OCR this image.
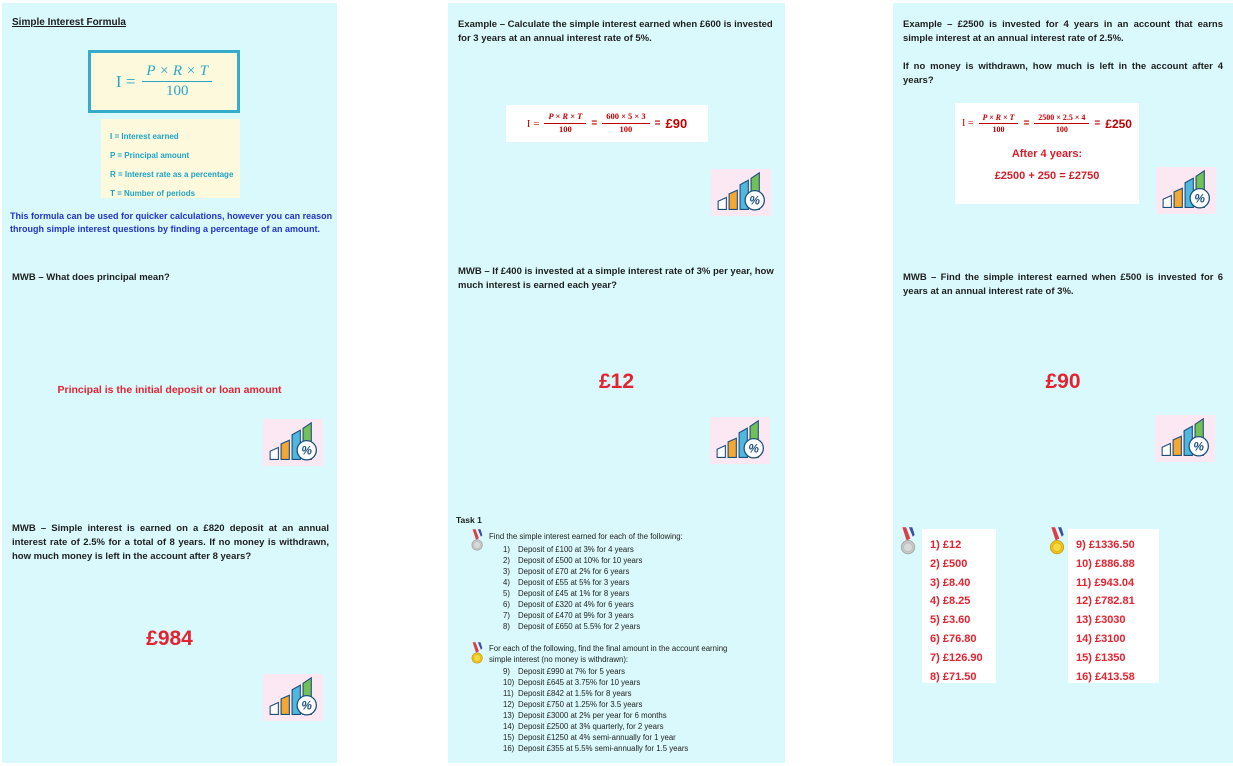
Simple Interest Formula
$I = \frac{P \times R \times T}{100}$
I = Interest earned
P = Principal amount
R = Interest rate as a percentage
T = Number of periods
This formula can be used for quicker calculations, however you can reason through simple interest questions by finding a percentage of an amount.
MWB – What does principal mean?
Principal is the initial deposit or loan amount
%
MWB – Simple interest is earned on a £820 deposit at an annual interest rate of 2.5% for a total of 8 years. If no money is withdrawn, how much money is left in the account after 8 years?
£984
%
Example – Calculate the simple interest earned when £600 is invested for 3 years at an annual interest rate of 5%.
$I = \frac{P \times R \times T}{100} = \frac{600 \times 5 \times 3}{100}$ = £90
%
MWB – If £400 is invested at a simple interest rate of 3% per year, how much interest is earned each year?
£12
%
Task 1
Find the simple interest earned for each of the following:
1)	Deposit of £100 at 3% for 4 years
2)	Deposit of £500 at 10% for 10 years
3)	Deposit of £70 at 2% for 6 years
4)	Deposit of £55 at 5% for 3 years
5)	Deposit of £45 at 1% for 8 years
6)	Deposit of £320 at 4% for 6 years
7)	Deposit of £470 at 9% for 3 years
8)	Deposit of £650 at 5.5% for 2 years
For each of the following, find the final amount in the account earning simple interest (no money is withdrawn):
9)	Deposit £990 at 7% for 5 years
10) Deposit £645 at 3.75% for 10 years
11) Deposit £842 at 1.5% for 8 years
12) Deposit £750 at 1.25% for 3.5 years
13) Deposit £3000 at 2% per year for 6 months
14) Deposit £2500 at 3% quarterly, for 2 years
15) Deposit £1250 at 4% semi-annually for 1 year
16) Deposit £355 at 5.5% semi-annually for 1.5 years
Example – £2500 is invested for 4 years in an account that earns simple interest at an annual interest rate of 2.5%.
If no money is withdrawn, how much is left in the account after 4 years?
$I = \frac{P \times R \times T}{100} = \frac{2500 \times 2.5 \times 4}{100}$ = £250
After 4 years:
£2500 + 250 = £2750
%
MWB – Find the simple interest earned when £500 is invested for 6 years at an annual interest rate of 3%.
£90
%
1) £12
2) £500
3) £8.40
4) £8.25
5) £3.60
6) £76.80
7) £126.90
8) £71.50
9) £1336.50
10) £886.88
11) £943.04
12) £782.81
13) £3030
14) £3100
15) £1350
16) £413.58
